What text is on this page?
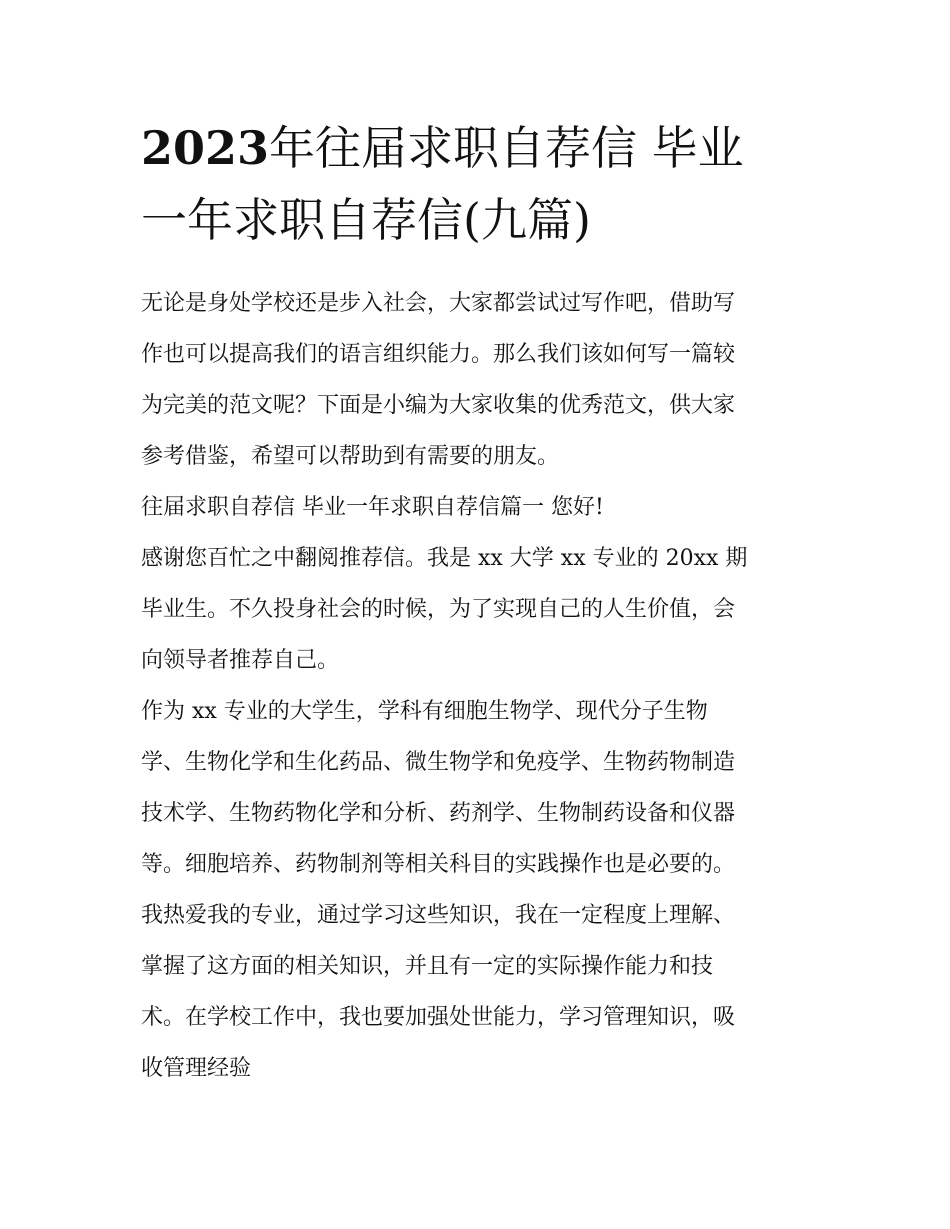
2023年往届求职自荐信 毕业
一年求职自荐信(九篇)
无论是身处学校还是步入社会，大家都尝试过写作吧，借助写
作也可以提高我们的语言组织能力。那么我们该如何写一篇较
为完美的范文呢？下面是小编为大家收集的优秀范文，供大家
参考借鉴，希望可以帮助到有需要的朋友。
往届求职自荐信 毕业一年求职自荐信篇一 您好!
感谢您百忙之中翻阅推荐信。我是 xx 大学 xx 专业的 20xx 期
毕业生。不久投身社会的时候，为了实现自己的人生价值，会
向领导者推荐自己。
作为 xx 专业的大学生，学科有细胞生物学、现代分子生物
学、生物化学和生化药品、微生物学和免疫学、生物药物制造
技术学、生物药物化学和分析、药剂学、生物制药设备和仪器
等。细胞培养、药物制剂等相关科目的实践操作也是必要的。
我热爱我的专业，通过学习这些知识，我在一定程度上理解、
掌握了这方面的相关知识，并且有一定的实际操作能力和技
术。在学校工作中，我也要加强处世能力，学习管理知识，吸
收管理经验
